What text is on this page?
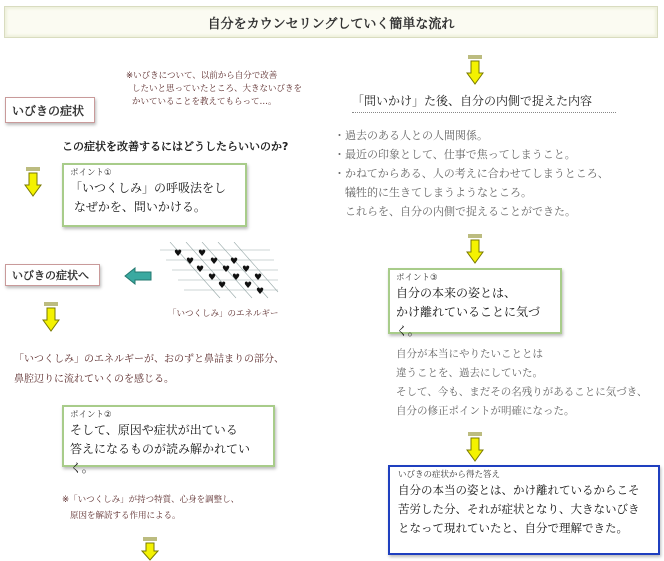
自分をカウンセリングしていく簡単な流れ
※いびきについて、以前から自分で改善
したいと思っていたところ、大きないびきを
かいていることを教えてもらって…。
いびきの症状
この症状を改善するにはどうしたらいいのか?
ポイント①
「いつくしみ」の呼吸法をし
なぜかを、問いかける。
いびきの症状へ
♥
♥
♥
♥
♥
♥
♥
♥
♥
♥
♥
♥
♥
♥
「いつくしみ」のエネルギー
「いつくしみ」のエネルギーが、おのずと鼻詰まりの部分、
鼻腔辺りに流れていくのを感じる。
ポイント②
そして、原因や症状が出ている
答えになるものが読み解かれていく。
※「いつくしみ」が持つ特質、心身を調整し、
原因を解読する作用による。
「問いかけ」た後、自分の内側で捉えた内容
・過去のある人との人間関係。
・最近の印象として、仕事で焦ってしまうこと。
・かねてからある、人の考えに合わせてしまうところ、
　犠牲的に生きてしまうようなところ。
　これらを、自分の内側で捉えることができた。
ポイント③
自分の本来の姿とは、
かけ離れていることに気づく。
自分が本当にやりたいこととは
違うことを、過去にしていた。
そして、今も、まだその名残りがあることに気づき、
自分の修正ポイントが明確になった。
いびきの症状から得た答え
自分の本当の姿とは、かけ離れているからこそ
苦労した分、それが症状となり、大きないびき
となって現れていたと、自分で理解できた。
